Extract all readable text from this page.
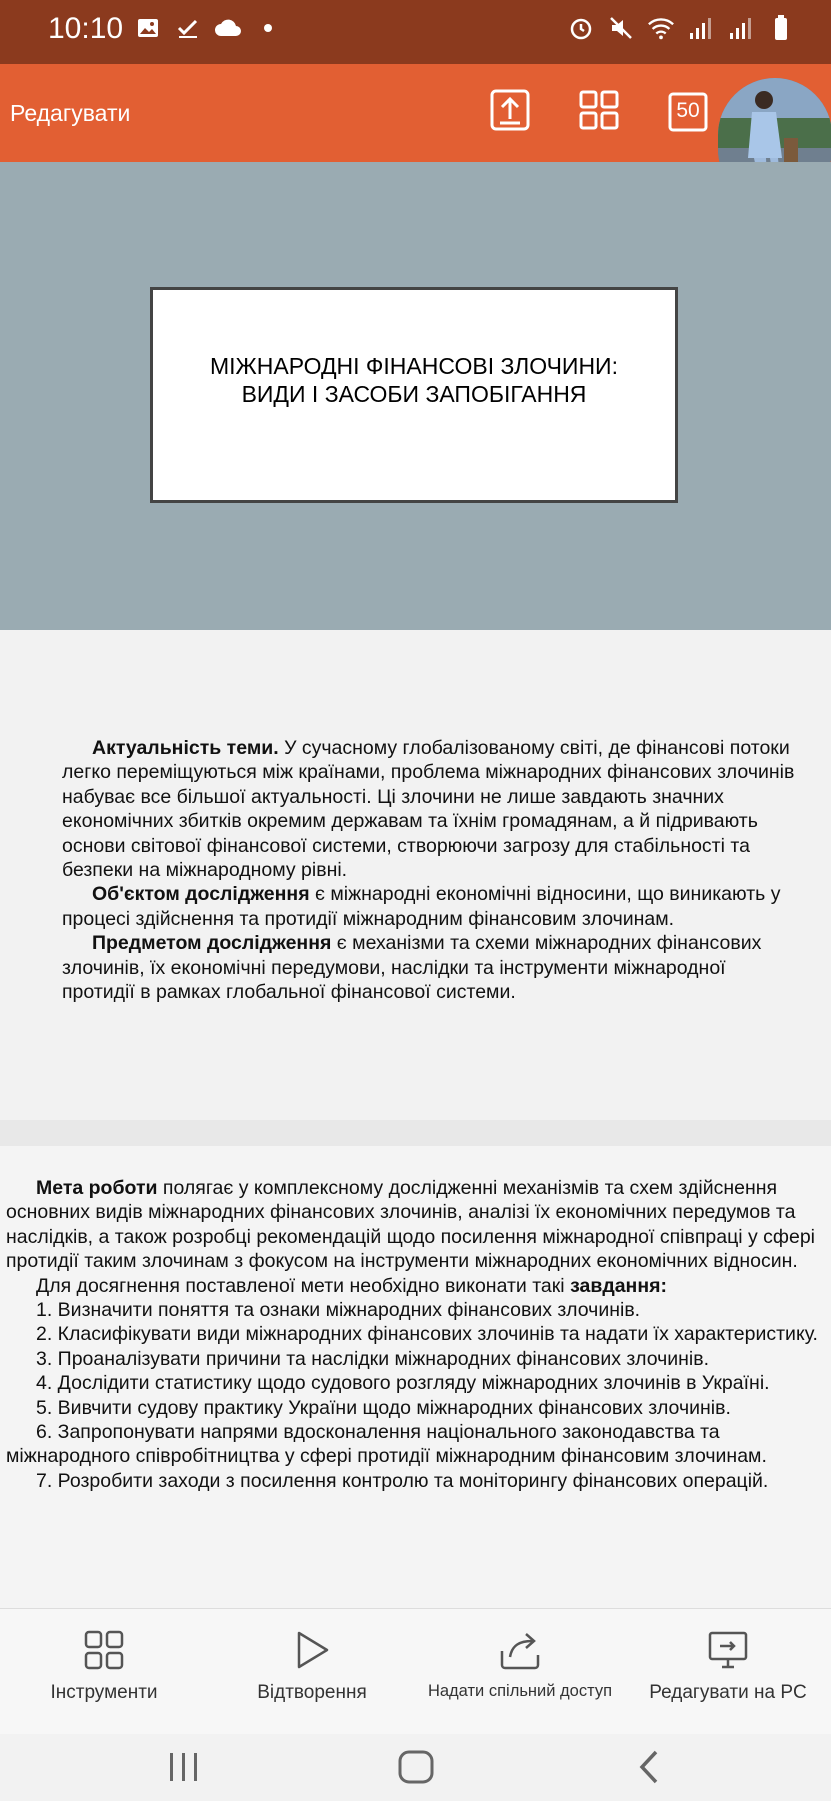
10:10
Редагувати	50
МІЖНАРОДНІ ФІНАНСОВІ ЗЛОЧИНИ:
ВИДИ І ЗАСОБИ ЗАПОБІГАННЯ

Актуальність теми. У сучасному глобалізованому світі, де фінансові потоки легко переміщуються між країнами, проблема міжнародних фінансових злочинів набуває все більшої актуальності. Ці злочини не лише завдають значних економічних збитків окремим державам та їхнім громадянам, а й підривають основи світової фінансової системи, створюючи загрозу для стабільності та безпеки на міжнародному рівні.

Об'єктом дослідження є міжнародні економічні відносини, що виникають у процесі здійснення та протидії міжнародним фінансовим злочинам.

Предметом дослідження є механізми та схеми міжнародних фінансових злочинів, їх економічні передумови, наслідки та інструменти міжнародної протидії в рамках глобальної фінансової системи.

Мета роботи полягає у комплексному дослідженні механізмів та схем здійснення основних видів міжнародних фінансових злочинів, аналізі їх економічних передумов та наслідків, а також розробці рекомендацій щодо посилення міжнародної співпраці у сфері протидії таким злочинам з фокусом на інструменти міжнародних економічних відносин.

Для досягнення поставленої мети необхідно виконати такі завдання:

1. Визначити поняття та ознаки міжнародних фінансових злочинів.

2. Класифікувати види міжнародних фінансових злочинів та надати їх характеристику.

3. Проаналізувати причини та наслідки міжнародних фінансових злочинів.

4. Дослідити статистику щодо судового розгляду міжнародних злочинів в Україні.

5. Вивчити судову практику України щодо міжнародних фінансових злочинів.

6. Запропонувати напрями вдосконалення національного законодавства та міжнародного співробітництва у сфері протидії міжнародним фінансовим злочинам.

7. Розробити заходи з посилення контролю та моніторингу фінансових операцій.

Інструменти	Відтворення	Надати спільний доступ	Редагувати на PC
